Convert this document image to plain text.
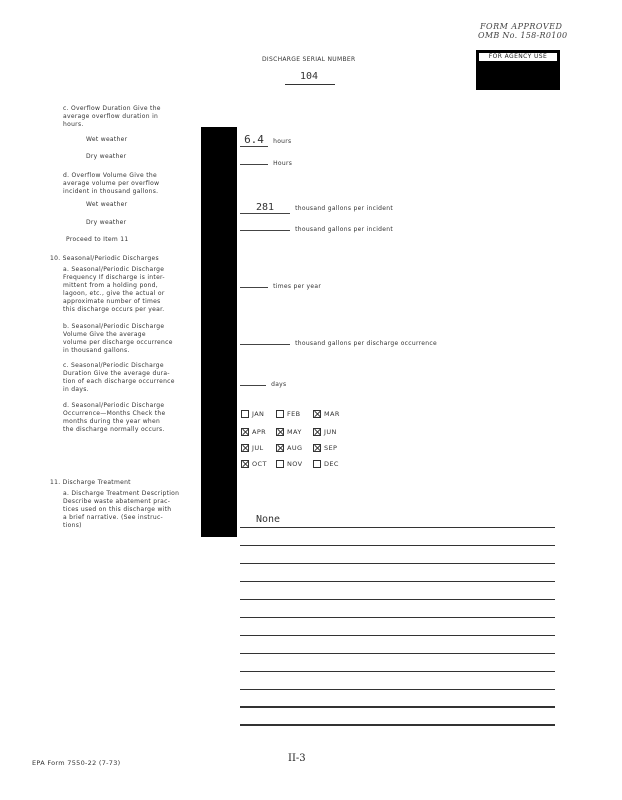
FORM APPROVED
OMB No. 158-R0100
DISCHARGE SERIAL NUMBER
104
FOR AGENCY USE
c. Overflow Duration Give the
average overflow duration in
hours.
Wet weather	6.4 hours
Dry weather
Hours
d. Overflow Volume Give the
average volume per overflow
incident in thousand gallons.
Wet weather	281	thousand gallons per incident
Dry weather
thousand gallons per incident
Proceed to Item 11
10. Seasonal/Periodic Discharges
a. Seasonal/Periodic Discharge
Frequency If discharge is inter-
mittent from a holding pond,
lagoon, etc., give the actual or
approximate number of times
this discharge occurs per year.
times per year
b. Seasonal/Periodic Discharge
Volume Give the average
volume per discharge occurrence
in thousand gallons.
thousand gallons per discharge occurrence
c. Seasonal/Periodic Discharge
Duration Give the average dura-
tion of each discharge occurrence
in days.
days
d. Seasonal/Periodic Discharge
Occurrence—Months Check the
months during the year when
the discharge normally occurs.
JAN	FEB	MAR
APR	MAY	JUN
JUL	AUG	SEP
OCT	NOV	DEC
11. Discharge Treatment
a. Discharge Treatment Description
Describe waste abatement prac-
tices used on this discharge with
a brief narrative. (See instruc-
tions)
None
EPA Form 7550-22 (7-73)	II-3
